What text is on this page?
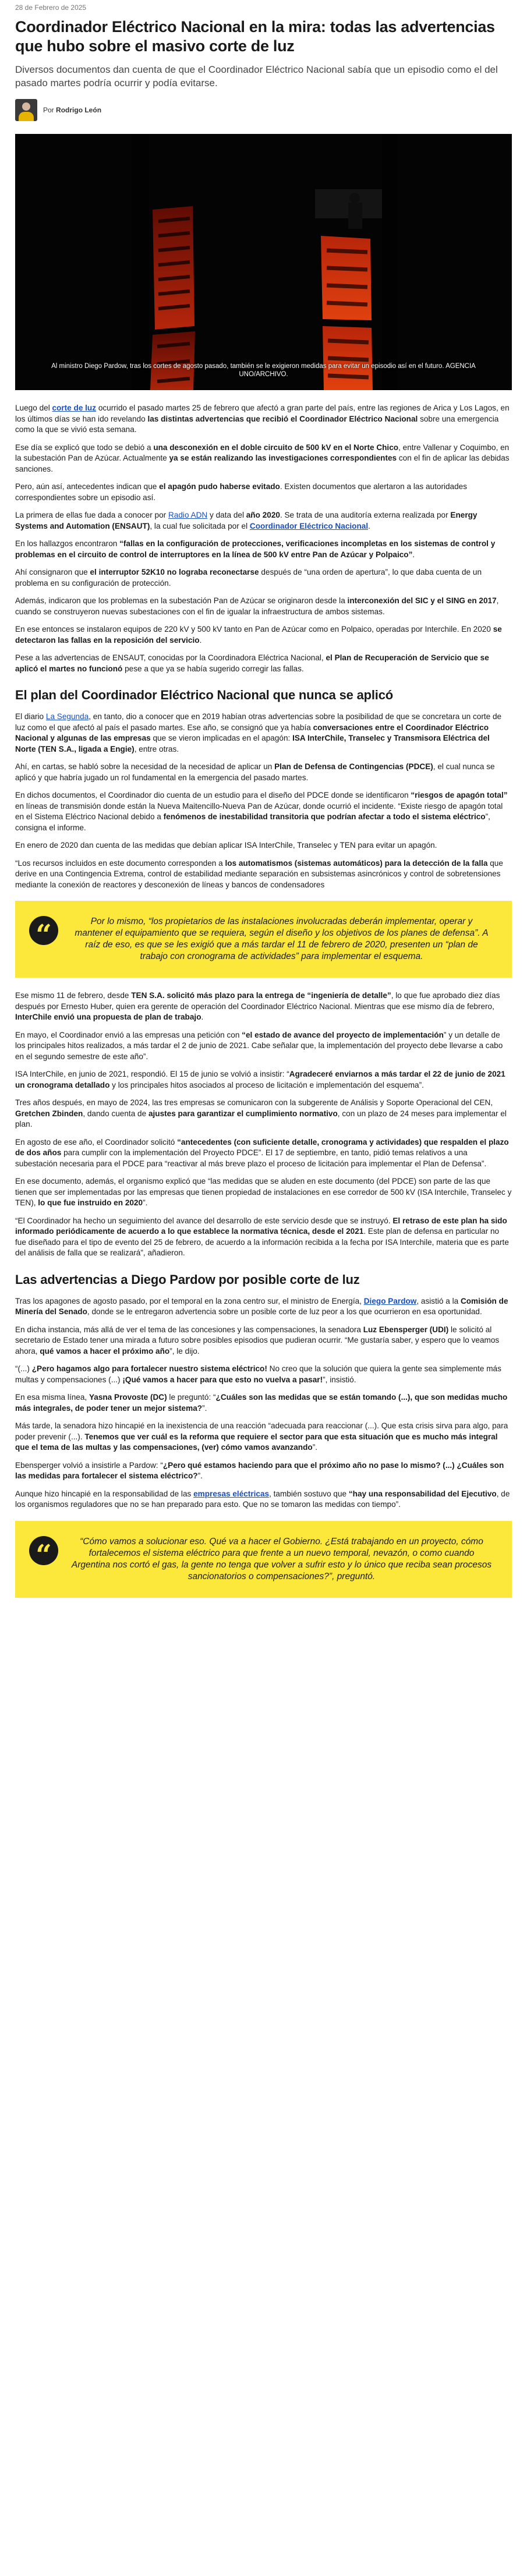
28 de Febrero de 2025
Coordinador Eléctrico Nacional en la mira: todas las advertencias que hubo sobre el masivo corte de luz
Diversos documentos dan cuenta de que el Coordinador Eléctrico Nacional sabía que un episodio como el del pasado martes podría ocurrir y podía evitarse.
Por Rodrigo León
Al ministro Diego Pardow, tras los cortes de agosto pasado, también se le exigieron medidas para evitar un episodio así en el futuro. AGENCIA UNO/ARCHIVO.

Luego del corte de luz ocurrido el pasado martes 25 de febrero que afectó a gran parte del país, entre las regiones de Arica y Los Lagos, en los últimos días se han ido revelando las distintas advertencias que recibió el Coordinador Eléctrico Nacional sobre una emergencia como la que se vivió esta semana.

Ese día se explicó que todo se debió a una desconexión en el doble circuito de 500 kV en el Norte Chico, entre Vallenar y Coquimbo, en la subestación Pan de Azúcar. Actualmente ya se están realizando las investigaciones correspondientes con el fin de aplicar las debidas sanciones.

Pero, aún así, antecedentes indican que el apagón pudo haberse evitado. Existen documentos que alertaron a las autoridades correspondientes sobre un episodio así.

La primera de ellas fue dada a conocer por Radio ADN y data del año 2020. Se trata de una auditoría externa realizada por Energy Systems and Automation (ENSAUT), la cual fue solicitada por el Coordinador Eléctrico Nacional.

En los hallazgos encontraron “fallas en la configuración de protecciones, verificaciones incompletas en los sistemas de control y problemas en el circuito de control de interruptores en la línea de 500 kV entre Pan de Azúcar y Polpaico”.

Ahí consignaron que el interruptor 52K10 no lograba reconectarse después de “una orden de apertura”, lo que daba cuenta de un problema en su configuración de protección.

Además, indicaron que los problemas en la subestación Pan de Azúcar se originaron desde la interconexión del SIC y el SING en 2017, cuando se construyeron nuevas subestaciones con el fin de igualar la infraestructura de ambos sistemas.

En ese entonces se instalaron equipos de 220 kV y 500 kV tanto en Pan de Azúcar como en Polpaico, operadas por Interchile. En 2020 se detectaron las fallas en la reposición del servicio.

Pese a las advertencias de ENSAUT, conocidas por la Coordinadora Eléctrica Nacional, el Plan de Recuperación de Servicio que se aplicó el martes no funcionó pese a que ya se había sugerido corregir las fallas.

El plan del Coordinador Eléctrico Nacional que nunca se aplicó

El diario La Segunda, en tanto, dio a conocer que en 2019 habían otras advertencias sobre la posibilidad de que se concretara un corte de luz como el que afectó al país el pasado martes. Ese año, se consignó que ya había conversaciones entre el Coordinador Eléctrico Nacional y algunas de las empresas que se vieron implicadas en el apagón: ISA InterChile, Transelec y Transmisora Eléctrica del Norte (TEN S.A., ligada a Engie), entre otras.

Ahí, en cartas, se habló sobre la necesidad de la necesidad de aplicar un Plan de Defensa de Contingencias (PDCE), el cual nunca se aplicó y que habría jugado un rol fundamental en la emergencia del pasado martes.

En dichos documentos, el Coordinador dio cuenta de un estudio para el diseño del PDCE donde se identificaron “riesgos de apagón total” en líneas de transmisión donde están la Nueva Maitencillo-Nueva Pan de Azúcar, donde ocurrió el incidente. “Existe riesgo de apagón total en el Sistema Eléctrico Nacional debido a fenómenos de inestabilidad transitoria que podrían afectar a todo el sistema eléctrico”, consigna el informe.

En enero de 2020 dan cuenta de las medidas que debían aplicar ISA InterChile, Transelec y TEN para evitar un apagón.

“Los recursos incluidos en este documento corresponden a los automatismos (sistemas automáticos) para la detección de la falla que derive en una Contingencia Extrema, control de estabilidad mediante separación en subsistemas asincrónicos y control de sobretensiones mediante la conexión de reactores y desconexión de líneas y bancos de condensadores

“	Por lo mismo, “los propietarios de las instalaciones involucradas deberán implementar, operar y mantener el equipamiento que se requiera, según el diseño y los objetivos de los planes de defensa”. A raíz de eso, es que se les exigió que a más tardar el 11 de febrero de 2020, presenten un “plan de trabajo con cronograma de actividades” para implementar el esquema.

Ese mismo 11 de febrero, desde TEN S.A. solicitó más plazo para la entrega de “ingeniería de detalle”, lo que fue aprobado diez días después por Ernesto Huber, quien era gerente de operación del Coordinador Eléctrico Nacional. Mientras que ese mismo día de febrero, InterChile envió una propuesta de plan de trabajo.

En mayo, el Coordinador envió a las empresas una petición con “el estado de avance del proyecto de implementación” y un detalle de los principales hitos realizados, a más tardar el 2 de junio de 2021. Cabe señalar que, la implementación del proyecto debe llevarse a cabo en el segundo semestre de este año”.

ISA InterChile, en junio de 2021, respondió. El 15 de junio se volvió a insistir: “Agradeceré enviarnos a más tardar el 22 de junio de 2021 un cronograma detallado y los principales hitos asociados al proceso de licitación e implementación del esquema”.

Tres años después, en mayo de 2024, las tres empresas se comunicaron con la subgerente de Análisis y Soporte Operacional del CEN, Gretchen Zbinden, dando cuenta de ajustes para garantizar el cumplimiento normativo, con un plazo de 24 meses para implementar el plan.

En agosto de ese año, el Coordinador solicitó “antecedentes (con suficiente detalle, cronograma y actividades) que respalden el plazo de dos años para cumplir con la implementación del Proyecto PDCE”. El 17 de septiembre, en tanto, pidió temas relativos a una subestación necesaria para el PDCE para “reactivar al más breve plazo el proceso de licitación para implementar el Plan de Defensa”.

En ese documento, además, el organismo explicó que “las medidas que se aluden en este documento (del PDCE) son parte de las que tienen que ser implementadas por las empresas que tienen propiedad de instalaciones en ese corredor de 500 kV (ISA Interchile, Transelec y TEN), lo que fue instruido en 2020”.

“El Coordinador ha hecho un seguimiento del avance del desarrollo de este servicio desde que se instruyó. El retraso de este plan ha sido informado periódicamente de acuerdo a lo que establece la normativa técnica, desde el 2021. Este plan de defensa en particular no fue diseñado para el tipo de evento del 25 de febrero, de acuerdo a la información recibida a la fecha por ISA Interchile, materia que es parte del análisis de falla que se realizará”, añadieron.

Las advertencias a Diego Pardow por posible corte de luz

Tras los apagones de agosto pasado, por el temporal en la zona centro sur, el ministro de Energía, Diego Pardow, asistió a la Comisión de Minería del Senado, donde se le entregaron advertencia sobre un posible corte de luz peor a los que ocurrieron en esa oportunidad.

En dicha instancia, más allá de ver el tema de las concesiones y las compensaciones, la senadora Luz Ebensperger (UDI) le solicitó al secretario de Estado tener una mirada a futuro sobre posibles episodios que pudieran ocurrir. “Me gustaría saber, y espero que lo veamos ahora, qué vamos a hacer el próximo año”, le dijo.

“(...) ¿Pero hagamos algo para fortalecer nuestro sistema eléctrico! No creo que la solución que quiera la gente sea simplemente más multas y compensaciones (...) ¡Qué vamos a hacer para que esto no vuelva a pasar!”, insistió.

En esa misma línea, Yasna Provoste (DC) le preguntó: “¿Cuáles son las medidas que se están tomando (...), que son medidas mucho más integrales, de poder tener un mejor sistema?”.

Más tarde, la senadora hizo hincapié en la inexistencia de una reacción “adecuada para reaccionar (...). Que esta crisis sirva para algo, para poder prevenir (...). Tenemos que ver cuál es la reforma que requiere el sector para que esta situación que es mucho más integral que el tema de las multas y las compensaciones, (ver) cómo vamos avanzando”.

Ebensperger volvió a insistirle a Pardow: “¿Pero qué estamos haciendo para que el próximo año no pase lo mismo? (...) ¿Cuáles son las medidas para fortalecer el sistema eléctrico?”.

Aunque hizo hincapié en la responsabilidad de las empresas eléctricas, también sostuvo que “hay una responsabilidad del Ejecutivo, de los organismos reguladores que no se han preparado para esto. Que no se tomaron las medidas con tiempo”.

“	“Cómo vamos a solucionar eso. Qué va a hacer el Gobierno. ¿Está trabajando en un proyecto, cómo fortalecemos el sistema eléctrico para que frente a un nuevo temporal, nevazón, o como cuando Argentina nos cortó el gas, la gente no tenga que volver a sufrir esto y lo único que reciba sean procesos sancionatorios o compensaciones?”, preguntó.
